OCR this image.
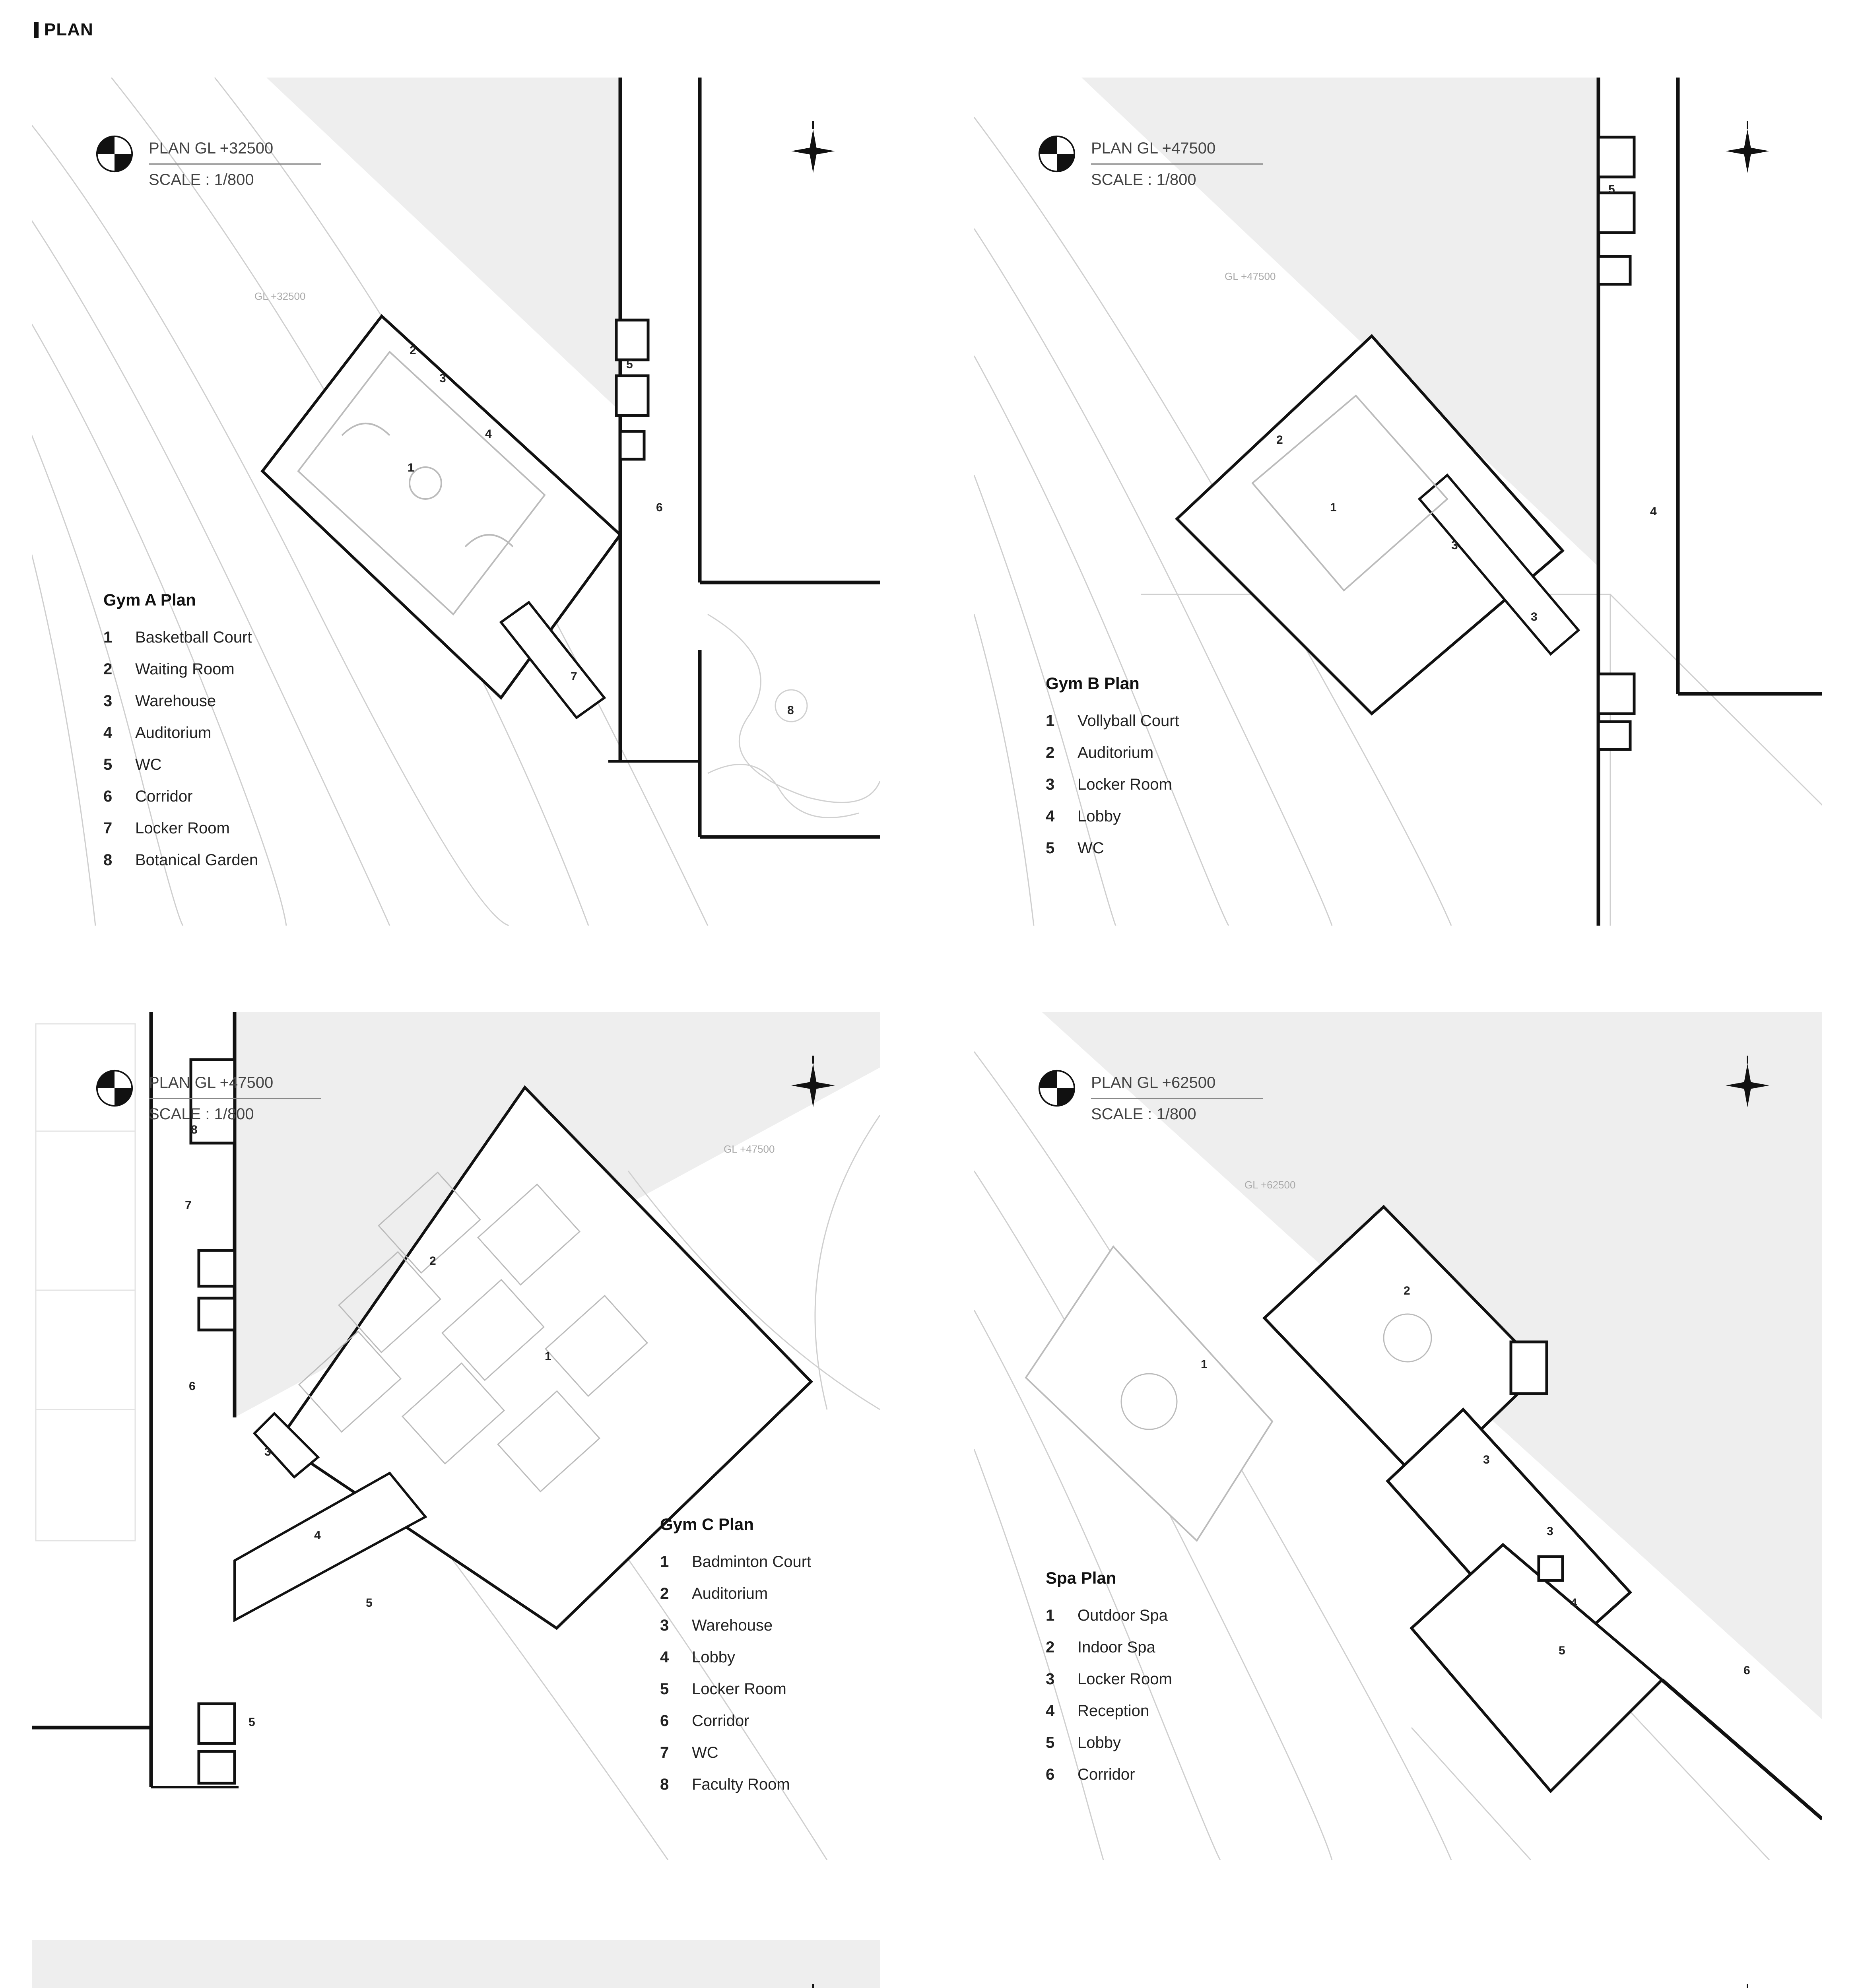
PLAN
PLAN GL +32500
SCALE : 1/800
GL +32500
1
2
3
4
5
6
7
8
Gym A Plan
1	Basketball Court
2	Waiting Room
3	Warehouse
4	Auditorium
5	WC
6	Corridor
7	Locker Room
8	Botanical Garden
PLAN GL +47500
SCALE : 1/800
GL +47500
1
2
3
3
4
5
Gym B Plan
1	Vollyball Court
2	Auditorium
3	Locker Room
4	Lobby
5	WC
PLAN GL +47500
SCALE : 1/800
GL +47500
1
2
3
4
5
5
6
7
8
Gym C Plan
1	Badminton Court
2	Auditorium
3	Warehouse
4	Lobby
5	Locker Room
6	Corridor
7	WC
8	Faculty Room
PLAN GL +62500
SCALE : 1/800
GL +62500
1
2
3
3
4
5
6
Spa Plan
1	Outdoor Spa
2	Indoor Spa
3	Locker Room
4	Reception
5	Lobby
6	Corridor
